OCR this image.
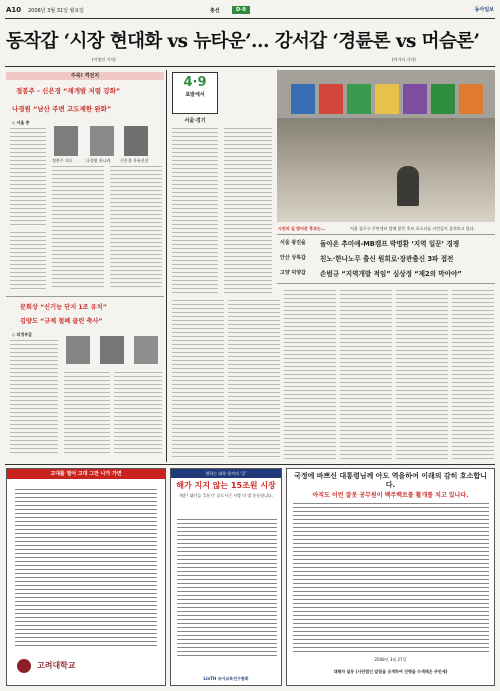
A10 2008년 3월 31일 월요일	총선	D-9	동아일보
동작갑 ‘시장 현대화 vs 뉴타운’… 강서갑 ‘경륜론 vs 머슴론’
(이명건 기자)	(이기자 기자)
주목! 격전지
정봉주 - 신은경 “재개발 저렴 강화”
나경원 “남산 주변 고도제한 완화”
◇ 서울 중
정봉주 지도	나경원 한나라 신은경 자유선진
문희상 “신기능 단지 1조 유치”
김양도 “규제 철폐 클린 축사”
◇ 의정부갑
4·9
표밭에서
서울·경기
사전의 일 받아준 후보는…	서울 종로구 주민센터 앞에 붙은 후보 포스터를 시민들이 살펴보고 있다.
서울 광진을 돌아온 추미애-MB캠프 박명환 ‘지역 일꾼’ 경쟁
안산 상록갑 친노·한나노무 출신 원희로·장관출신 3파 접전
고양 덕양갑 손범규 “지역개발 적임” 심상정 “제2의 막아야”
고대를 열어 고대 그만 나가 가면
고려대학교
원하는 대학 합격의 ‘길’
해가 지지 않는 15조원 시장
개운! 대인들 ‘1분기’ 골드시즌 시방 미 발 운동합니다.
LinTH 유아교육연구협회
국정에 바쁘신 대통령님께 아도 역을하여 이래의 감히 호소합니다.
아직도 이런 잘못 공무원이 백주백로를 활개를 치고 있나다.
2008년 3월 27일
대해자 일동 (사단법인 알림을 공개하여 진행을 수색해온 주민세)
